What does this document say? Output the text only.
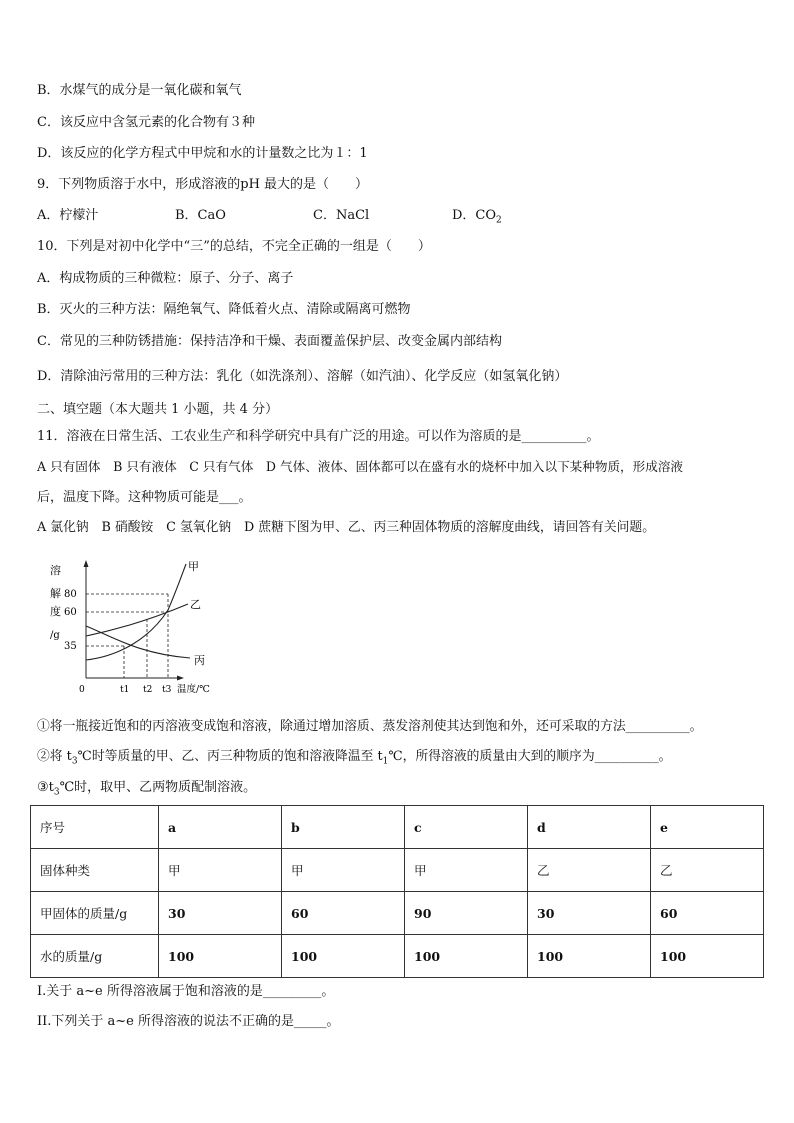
B．水煤气的成分是一氧化碳和氧气
C．该反应中含氢元素的化合物有３种
D．该反应的化学方程式中甲烷和水的计量数之比为１：1
9．下列物质溶于水中，形成溶液的pH 最大的是（　　）
A．柠檬汁	B．CaO	C．NaCl	D．$CO_2$
10．下列是对初中化学中“三”的总结，不完全正确的一组是（　　）
A．构成物质的三种微粒：原子、分子、离子
B．灭火的三种方法：隔绝氧气、降低着火点、清除或隔离可燃物
C．常见的三种防锈措施：保持洁净和干燥、表面覆盖保护层、改变金属内部结构
D．清除油污常用的三种方法：乳化（如洗涤剂）、溶解（如汽油）、化学反应（如氢氧化钠）
二、填空题（本大题共 1 小题，共 4 分）
11．溶液在日常生活、工农业生产和科学研究中具有广泛的用途。可以作为溶质的是__________。
A 只有固体　B 只有液体　C 只有气体　D 气体、液体、固体都可以在盛有水的烧杯中加入以下某种物质，形成溶液
后，温度下降。这种物质可能是___。
A 氯化钠　B 硝酸铵　C 氢氧化钠　D 蔗糖下图为甲、乙、丙三种固体物质的溶解度曲线，请回答有关问题。
溶
解
度
/g
80
60
35
甲
乙
丙
0	t1 t2 t3 温度/℃
①将一瓶接近饱和的丙溶液变成饱和溶液，除通过增加溶质、蒸发溶剂使其达到饱和外，还可采取的方法__________。
②将 $t_3℃$时等质量的甲、乙、丙三种物质的饱和溶液降温至 $t_1℃$，所得溶液的质量由大到的顺序为__________。
$③t_3℃$时，取甲、乙两物质配制溶液。
序号	a	b	c	d	e
固体种类	甲	甲	甲	乙	乙
甲固体的质量/g	30	60	90	30	60
水的质量/g	100	100	100	100	100
I.关于 a~e 所得溶液属于饱和溶液的是_________。
II.下列关于 a~e 所得溶液的说法不正确的是_____。
